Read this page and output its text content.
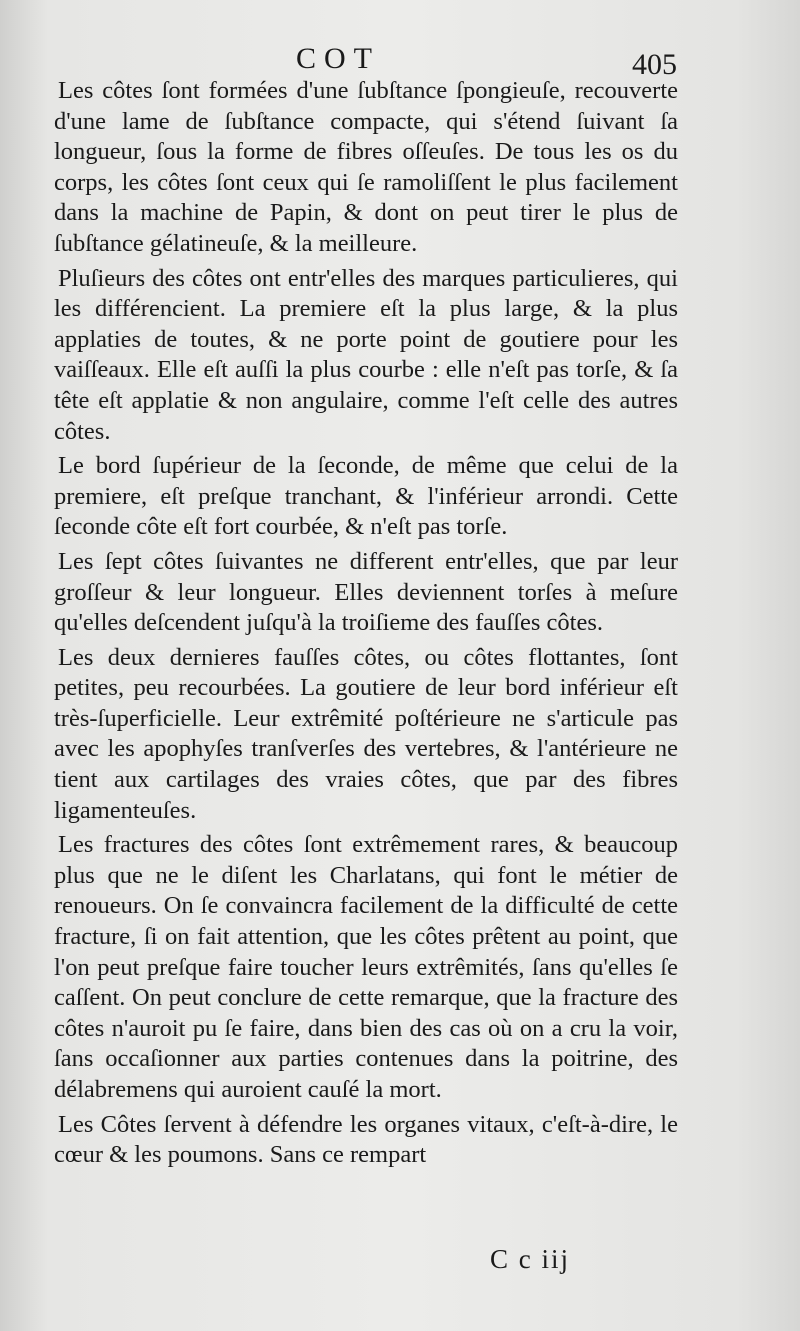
COT	405

Les côtes ſont formées d'une ſubſtance ſpongieuſe, recouverte d'une lame de ſubſtance compacte, qui s'étend ſuivant ſa longueur, ſous la forme de fibres oſſeuſes. De tous les os du corps, les côtes ſont ceux qui ſe ramoliſſent le plus facilement dans la machine de Papin, & dont on peut tirer le plus de ſubſtance gélatineuſe, & la meilleure.

Pluſieurs des côtes ont entr'elles des marques particulieres, qui les différencient. La premiere eſt la plus large, & la plus applaties de toutes, & ne porte point de goutiere pour les vaiſſeaux. Elle eſt auſſi la plus courbe : elle n'eſt pas torſe, & ſa tête eſt applatie & non angulaire, comme l'eſt celle des autres côtes.

Le bord ſupérieur de la ſeconde, de même que celui de la premiere, eſt preſque tranchant, & l'inférieur arrondi. Cette ſeconde côte eſt fort courbée, & n'eſt pas torſe.

Les ſept côtes ſuivantes ne different entr'elles, que par leur groſſeur & leur longueur. Elles deviennent torſes à meſure qu'elles deſcendent juſqu'à la troiſieme des fauſſes côtes.

Les deux dernieres fauſſes côtes, ou côtes flottantes, ſont petites, peu recourbées. La goutiere de leur bord inférieur eſt très-ſuperficielle. Leur extrêmité poſtérieure ne s'articule pas avec les apophyſes tranſverſes des vertebres, & l'antérieure ne tient aux cartilages des vraies côtes, que par des fibres ligamenteuſes.

Les fractures des côtes ſont extrêmement rares, & beaucoup plus que ne le diſent les Charlatans, qui font le métier de renoueurs. On ſe convaincra facilement de la difficulté de cette fracture, ſi on fait attention, que les côtes prêtent au point, que l'on peut preſque faire toucher leurs extrêmités, ſans qu'elles ſe caſſent. On peut conclure de cette remarque, que la fracture des côtes n'auroit pu ſe faire, dans bien des cas où on a cru la voir, ſans occaſionner aux parties contenues dans la poitrine, des délabremens qui auroient cauſé la mort.

Les Côtes ſervent à défendre les organes vitaux, c'eſt-à-dire, le cœur & les poumons. Sans ce rempart

C c iij
